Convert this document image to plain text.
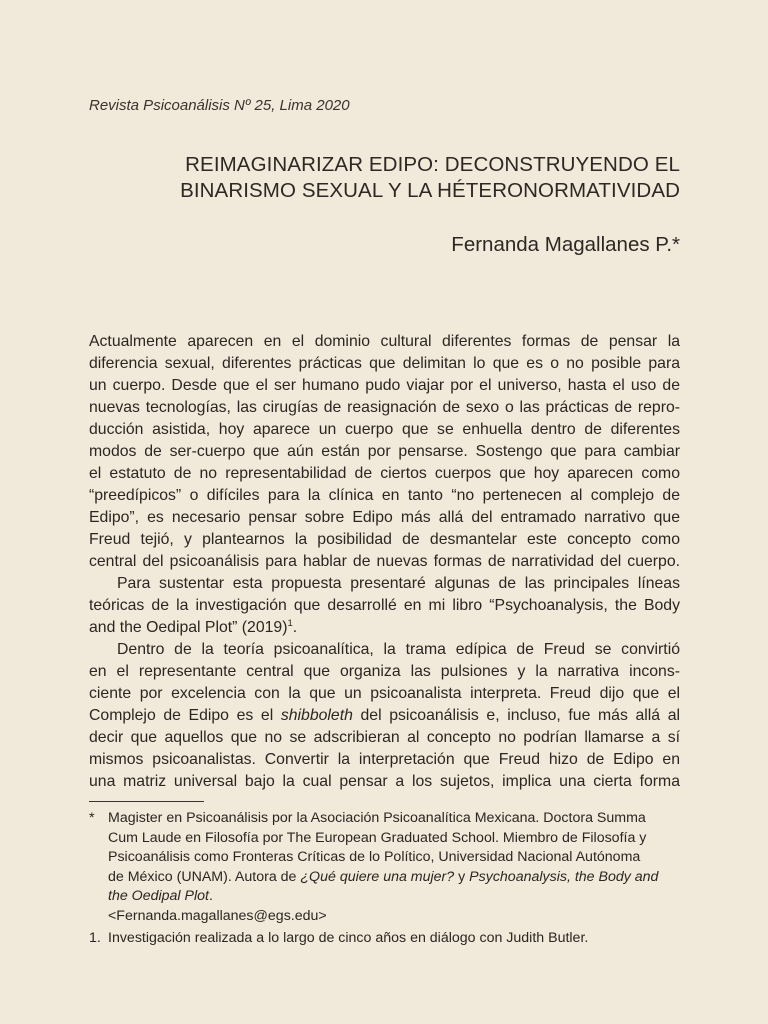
Revista Psicoanálisis Nº 25, Lima 2020
REIMAGINARIZAR EDIPO: DECONSTRUYENDO EL
BINARISMO SEXUAL Y LA HÉTERONORMATIVIDAD
Fernanda Magallanes P.*

Actualmente aparecen en el dominio cultural diferentes formas de pensar la
diferencia sexual, diferentes prácticas que delimitan lo que es o no posible para
un cuerpo. Desde que el ser humano pudo viajar por el universo, hasta el uso de
nuevas tecnologías, las cirugías de reasignación de sexo o las prácticas de repro-
ducción asistida, hoy aparece un cuerpo que se enhuella dentro de diferentes
modos de ser-cuerpo que aún están por pensarse. Sostengo que para cambiar
el estatuto de no representabilidad de ciertos cuerpos que hoy aparecen como
“preedípicos” o difíciles para la clínica en tanto “no pertenecen al complejo de
Edipo”, es necesario pensar sobre Edipo más allá del entramado narrativo que
Freud tejió, y plantearnos la posibilidad de desmantelar este concepto como
central del psicoanálisis para hablar de nuevas formas de narratividad del cuerpo.

Para sustentar esta propuesta presentaré algunas de las principales líneas
teóricas de la investigación que desarrollé en mi libro “Psychoanalysis, the Body
and the Oedipal Plot” $(2019)^1$.

Dentro de la teoría psicoanalítica, la trama edípica de Freud se convirtió
en el representante central que organiza las pulsiones y la narrativa incons-
ciente por excelencia con la que un psicoanalista interpreta. Freud dijo que el
Complejo de Edipo es el shibboleth del psicoanálisis e, incluso, fue más allá al
decir que aquellos que no se adscribieran al concepto no podrían llamarse a sí
mismos psicoanalistas. Convertir la interpretación que Freud hizo de Edipo en
una matriz universal bajo la cual pensar a los sujetos, implica una cierta forma

* Magister en Psicoanálisis por la Asociación Psicoanalítica Mexicana. Doctora Summa
Cum Laude en Filosofía por The European Graduated School. Miembro de Filosofía y
Psicoanálisis como Fronteras Críticas de lo Político, Universidad Nacional Autónoma
de México (UNAM). Autora de ¿Qué quiere una mujer? y Psychoanalysis, the Body and
the Oedipal Plot.
<Fernanda.magallanes@egs.edu>
1. Investigación realizada a lo largo de cinco años en diálogo con Judith Butler.
